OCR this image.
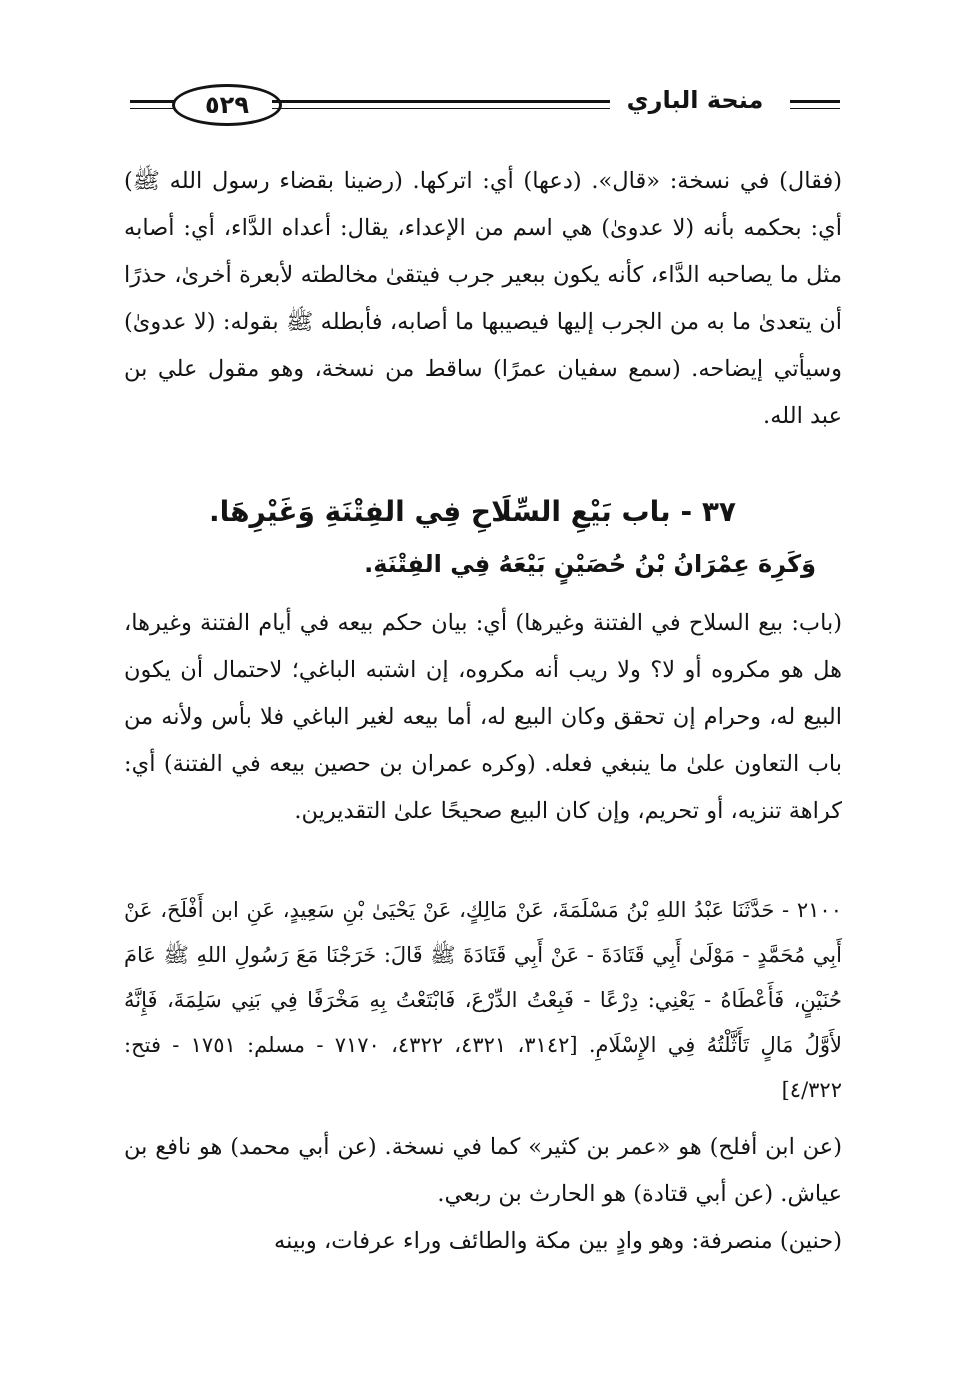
٥٢٩	منحة الباري

(فقال) في نسخة: «قال». (دعها) أي: اتركها. (رضينا بقضاء رسول الله ﷺ) أي: بحكمه بأنه (لا عدوىٰ) هي اسم من الإعداء، يقال: أعداه الدَّاء، أي: أصابه مثل ما يصاحبه الدَّاء، كأنه يكون ببعير جرب فيتقىٰ مخالطته لأبعرة أخرىٰ، حذرًا أن يتعدىٰ ما به من الجرب إليها فيصيبها ما أصابه، فأبطله ﷺ بقوله: (لا عدوىٰ) وسيأتي إيضاحه. (سمع سفيان عمرًا) ساقط من نسخة، وهو مقول علي بن عبد الله.

٣٧ - باب بَيْعِ السِّلَاحِ فِي الفِتْنَةِ وَغَيْرِهَا.

وَكَرِهَ عِمْرَانُ بْنُ حُصَيْنٍ بَيْعَهُ فِي الفِتْنَةِ.

(باب: بيع السلاح في الفتنة وغيرها) أي: بيان حكم بيعه في أيام الفتنة وغيرها، هل هو مكروه أو لا؟ ولا ريب أنه مكروه، إن اشتبه الباغي؛ لاحتمال أن يكون البيع له، وحرام إن تحقق وكان البيع له، أما بيعه لغير الباغي فلا بأس ولأنه من باب التعاون علىٰ ما ينبغي فعله. (وكره عمران بن حصين بيعه في الفتنة) أي: كراهة تنزيه، أو تحريم، وإن كان البيع صحيحًا علىٰ التقديرين.

٢١٠٠ - حَدَّثَنَا عَبْدُ اللهِ بْنُ مَسْلَمَةَ، عَنْ مَالِكٍ، عَنْ يَحْيَىٰ بْنِ سَعِيدٍ، عَنِ ابن أَفْلَحَ، عَنْ أَبِي مُحَمَّدٍ - مَوْلَىٰ أَبِي قَتَادَةَ - عَنْ أَبِي قَتَادَةَ ﷺ قَالَ: خَرَجْنَا مَعَ رَسُولِ اللهِ ﷺ عَامَ حُنَيْنٍ، فَأَعْطَاهُ - يَعْنِي: دِرْعًا - فَبِعْتُ الدِّرْعَ، فَابْتَعْتُ بِهِ مَخْرَفًا فِي بَنِي سَلِمَةَ، فَإِنَّهُ لأَوَّلُ مَالٍ تَأَثَّلْتُهُ فِي الإِسْلَامِ. [٣١٤٢، ٤٣٢١، ٤٣٢٢، ٧١٧٠ - مسلم: ١٧٥١ - فتح: ٤/٣٢٢]

(عن ابن أفلح) هو «عمر بن كثير» كما في نسخة. (عن أبي محمد) هو نافع بن عياش. (عن أبي قتادة) هو الحارث بن ربعي.

(حنين) منصرفة: وهو وادٍ بين مكة والطائف وراء عرفات، وبينه
